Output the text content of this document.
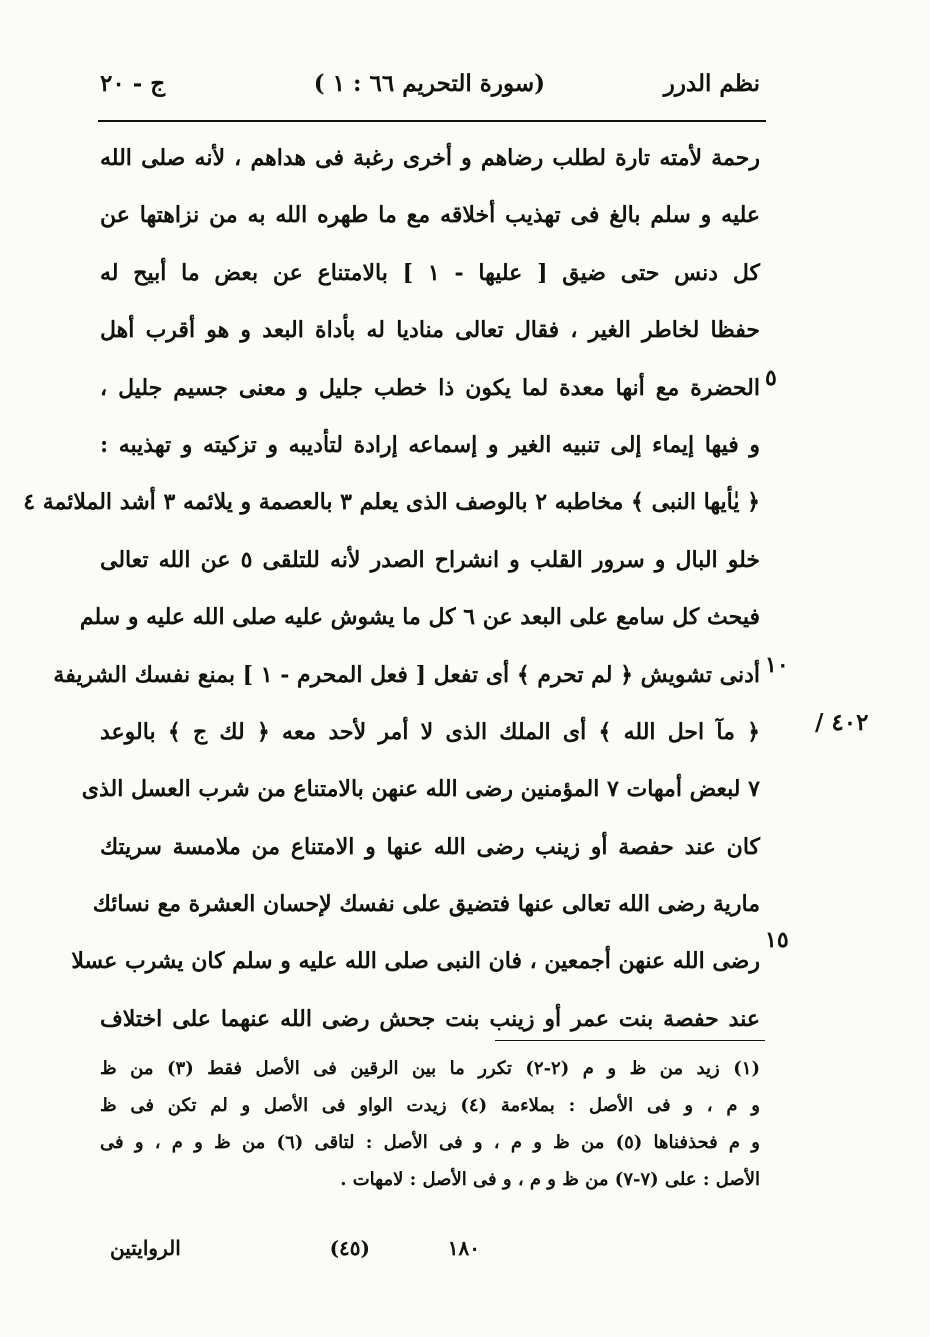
نظم الدرر
(سورة التحريم ٦٦ : ١ )
ج - ٢٠
رحمة لأمته تارة لطلب رضاهم و أخرى رغبة فى هداهم ، لأنه صلى الله
عليه و سلم بالغ فى تهذيب أخلاقه مع ما طهره الله به من نزاهتها عن
كل دنس حتى ضيق [ عليها - ١ ] بالامتناع عن بعض ما أبيح له
حفظا لخاطر الغير ، فقال تعالى مناديا له بأداة البعد و هو أقرب أهل
الحضرة مع أنها معدة لما يكون ذا خطب جليل و معنى جسيم جليل ،
و فيها إيماء إلى تنبيه الغير و إسماعه إرادة لتأديبه و تزكيته و تهذيبه :
﴿ يٰأيها النبى ﴾ مخاطبه ٢ بالوصف الذى يعلم ٣ بالعصمة و يلائمه ٣ أشد الملائمة ٤
خلو البال و سرور القلب و انشراح الصدر لأنه للتلقى ٥ عن الله تعالى
فيحث كل سامع على البعد عن ٦ كل ما يشوش عليه صلى الله عليه و سلم
أدنى تشويش ﴿ لم تحرم ﴾ أى تفعل [ فعل المحرم - ١ ] بمنع نفسك الشريفة
﴿ مآ احل الله ﴾ أى الملك الذى لا أمر لأحد معه ﴿ لك ج ﴾ بالوعد
٧ لبعض أمهات ٧ المؤمنين رضى الله عنهن بالامتناع من شرب العسل الذى
كان عند حفصة أو زينب رضى الله عنها و الامتناع من ملامسة سريتك
مارية رضى الله تعالى عنها فتضيق على نفسك لإحسان العشرة مع نسائك
رضى الله عنهن أجمعين ، فان النبى صلى الله عليه و سلم كان يشرب عسلا
عند حفصة بنت عمر أو زينب بنت جحش رضى الله عنهما على اختلاف
٥
١٠
١٥
٤٠٢ /
(١) زيد من ظ و م (٢-٢) تكرر ما بين الرقين فى الأصل فقط (٣) من ظ
و م ، و فى الأصل : بملاءمة (٤) زيدت الواو فى الأصل و لم تكن فى ظ
و م فحذفناها (٥) من ظ و م ، و فى الأصل : لتاقى (٦) من ظ و م ، و فى
الأصل : على (٧-٧) من ظ و م ، و فى الأصل : لامهات .
١٨٠
(٤٥)
الروايتين
